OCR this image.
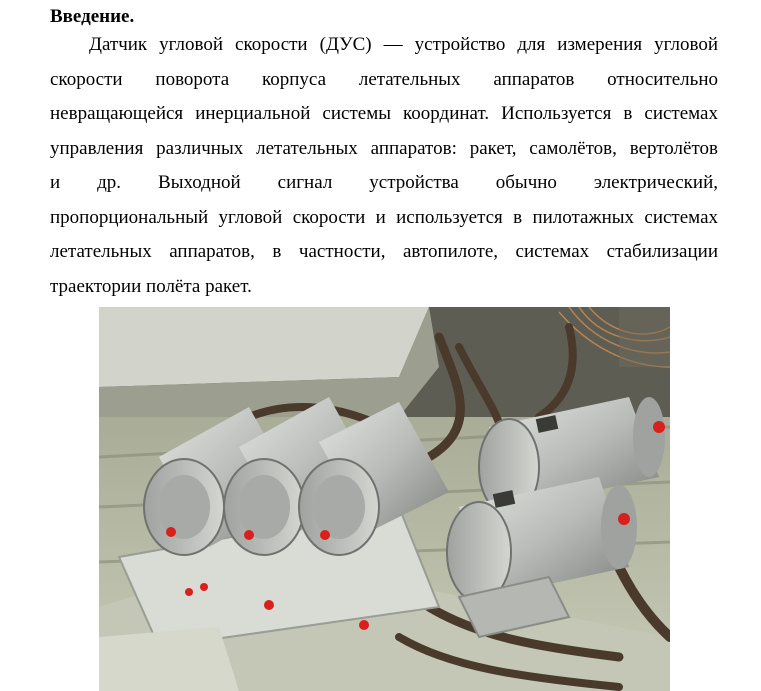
Введение.

Датчик угловой скорости (ДУС) — устройство для измерения угловой
скорости поворота корпуса летательных аппаратов относительно
невращающейся инерциальной системы координат. Используется в системах
управления различных летательных аппаратов: ракет, самолётов, вертолётов
и др. Выходной сигнал устройства обычно электрический,
пропорциональный угловой скорости и используется в пилотажных системах
летательных аппаратов, в частности, автопилоте, системах стабилизации
траектории полёта ракет.
